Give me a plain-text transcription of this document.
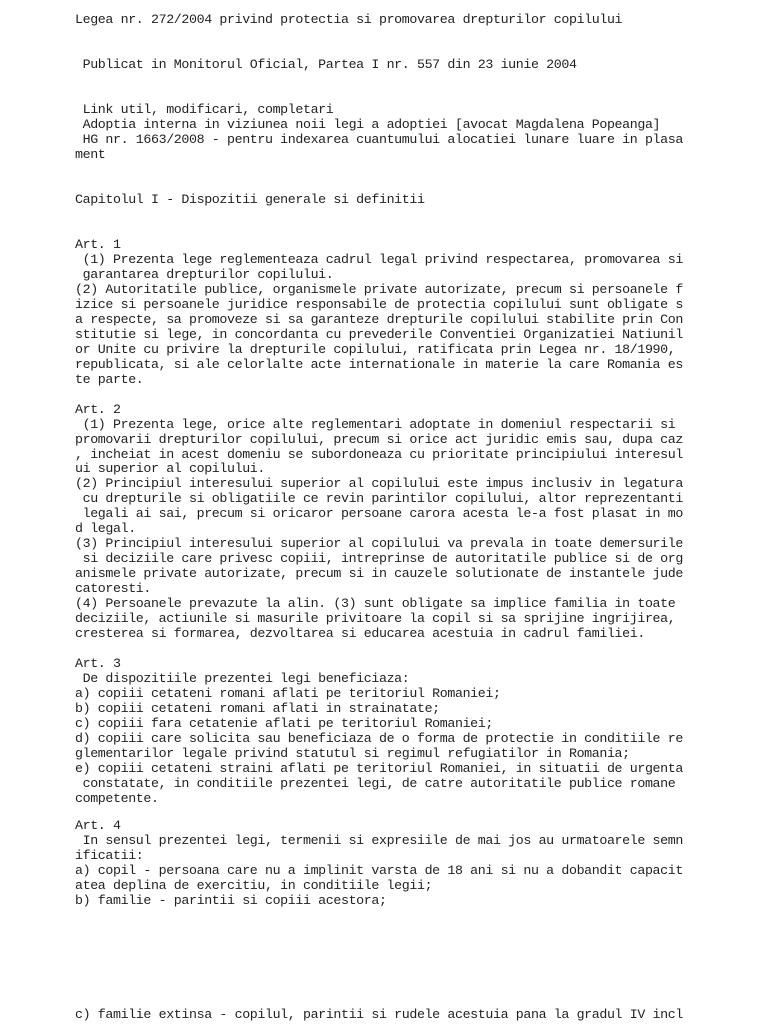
Legea nr. 272/2004 privind protectia si promovarea drepturilor copilului

Publicat in Monitorul Oficial, Partea I nr. 557 din 23 iunie 2004

Link util, modificari, completari

Adoptia interna in viziunea noii legi a adoptiei [avocat Magdalena Popeanga]

HG nr. 1663/2008 - pentru indexarea cuantumului alocatiei lunare luare in plasa

ment

Capitolul I - Dispozitii generale si definitii

Art. 1

(1) Prezenta lege reglementeaza cadrul legal privind respectarea, promovarea si

garantarea drepturilor copilului.

(2) Autoritatile publice, organismele private autorizate, precum si persoanele f

izice si persoanele juridice responsabile de protectia copilului sunt obligate s

a respecte, sa promoveze si sa garanteze drepturile copilului stabilite prin Con

stitutie si lege, in concordanta cu prevederile Conventiei Organizatiei Natiunil

or Unite cu privire la drepturile copilului, ratificata prin Legea nr. 18/1990,

republicata, si ale celorlalte acte internationale in materie la care Romania es

te parte.

Art. 2

(1) Prezenta lege, orice alte reglementari adoptate in domeniul respectarii si

promovarii drepturilor copilului, precum si orice act juridic emis sau, dupa caz

, incheiat in acest domeniu se subordoneaza cu prioritate principiului interesul

ui superior al copilului.

(2) Principiul interesului superior al copilului este impus inclusiv in legatura

cu drepturile si obligatiile ce revin parintilor copilului, altor reprezentanti

legali ai sai, precum si oricaror persoane carora acesta le-a fost plasat in mo

d legal.

(3) Principiul interesului superior al copilului va prevala in toate demersurile

si deciziile care privesc copiii, intreprinse de autoritatile publice si de org

anismele private autorizate, precum si in cauzele solutionate de instantele jude

catoresti.

(4) Persoanele prevazute la alin. (3) sunt obligate sa implice familia in toate

deciziile, actiunile si masurile privitoare la copil si sa sprijine ingrijirea,

cresterea si formarea, dezvoltarea si educarea acestuia in cadrul familiei.

Art. 3

De dispozitiile prezentei legi beneficiaza:

a) copiii cetateni romani aflati pe teritoriul Romaniei;

b) copiii cetateni romani aflati in strainatate;

c) copiii fara cetatenie aflati pe teritoriul Romaniei;

d) copiii care solicita sau beneficiaza de o forma de protectie in conditiile re

glementarilor legale privind statutul si regimul refugiatilor in Romania;

e) copiii cetateni straini aflati pe teritoriul Romaniei, in situatii de urgenta

constatate, in conditiile prezentei legi, de catre autoritatile publice romane

competente.

Art. 4

In sensul prezentei legi, termenii si expresiile de mai jos au urmatoarele semn

ificatii:

a) copil - persoana care nu a implinit varsta de 18 ani si nu a dobandit capacit

atea deplina de exercitiu, in conditiile legii;

b) familie - parintii si copiii acestora;

c) familie extinsa - copilul, parintii si rudele acestuia pana la gradul IV incl
